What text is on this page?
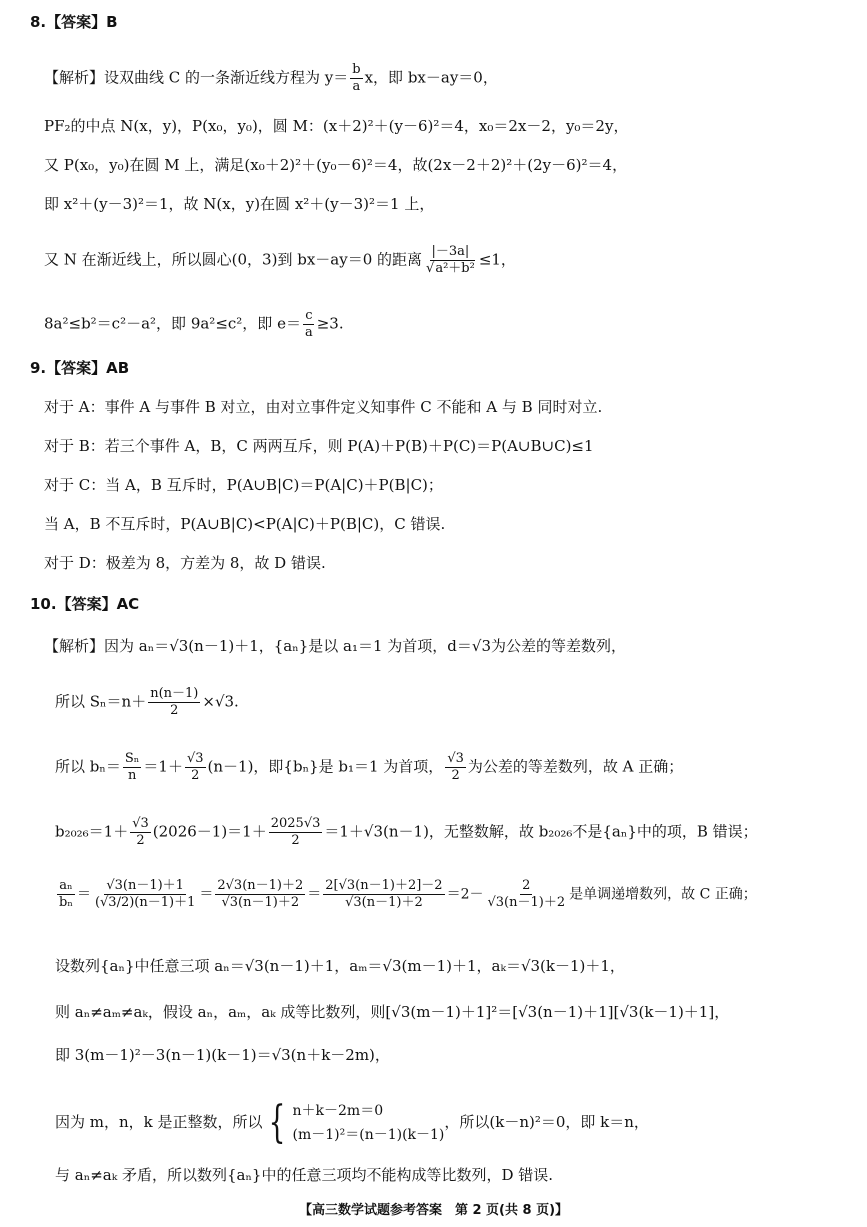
8.【答案】B
【解析】设双曲线 C 的一条渐近线方程为 $y= \frac{b}{a}$ x，即 bx－ay＝0，
PF₂的中点 N(x，y)，P(x₀，y₀)，圆 M：(x＋2)²＋(y－6)²＝4，x₀＝2x－2，y₀＝2y，
又 P(x₀，y₀)在圆 M 上，满足(x₀＋2)²＋(y₀－6)²＝4，故(2x－2＋2)²＋(2y－6)²＝4，
即 x²＋(y－3)²＝1，故 N(x，y)在圆 x²＋(y－3)²＝1 上，
又 N 在渐近线上，所以圆心(0，3)到 bx－ay＝0 的距离 $\frac{|-3a|}{\text{√a²＋b²}} \le 1$，
8a²≤b²＝c²－a²，即 9a²≤c²，即 $e= \frac{c}{a} \ge 3$.
9.【答案】AB
对于 A：事件 A 与事件 B 对立，由对立事件定义知事件 C 不能和 A 与 B 同时对立.
对于 B：若三个事件 A，B，C 两两互斥，则 P(A)＋P(B)＋P(C)＝P(A∪B∪C)≤1
对于 C：当 A，B 互斥时，P(A∪B|C)＝P(A|C)＋P(B|C)；
当 A，B 不互斥时，P(A∪B|C)<P(A|C)＋P(B|C)，C 错误.
对于 D：极差为 8，方差为 8，故 D 错误.
10.【答案】AC
【解析】因为 aₙ＝√3(n－1)＋1，{aₙ}是以 a₁＝1 为首项，d＝√3为公差的等差数列，
所以 $S_n=n+ \frac{n(n-1)}{2} \times√3$.
所以 $b_n= \frac{\text{Sₙ}}{n} =1+ \frac{√3}{2} (n-1)$，即{bₙ}是 b₁＝1 为首项， $\frac{√3}{2}$ 为公差的等差数列，故 A 正确；
$b_{2026}=1+ \frac{√3}{2} (2026-1)=1+ \frac{2025√3}{2} =1+√3(n-1)$，无整数解，故 b₂₀₂₆不是{aₙ}中的项，B 错误；
$\frac{\text{aₙ}}{\text{bₙ}} = \frac{√3(n-1)+1}{(√3/2)(n-1)+1} = \frac{2√3(n-1)+2}{√3(n-1)+2} = \frac{2[√3(n-1)+2]-2}{√3(n-1)+2} =2- \frac{2}{√3(n-1)+2}$ 是单调递增数列，故 C 正确；
设数列{aₙ}中任意三项 aₙ＝√3(n－1)＋1，aₘ＝√3(m－1)＋1，aₖ＝√3(k－1)＋1，
则 aₙ≠aₘ≠aₖ，假设 aₙ，aₘ，aₖ 成等比数列，则[√3(m－1)＋1]²＝[√3(n－1)＋1][√3(k－1)＋1]，
即 3(m－1)²－3(n－1)(k－1)＝√3(n＋k－2m)，
因为 m，n，k 是正整数，所以 { n＋k－2m＝0
(m－1)²＝(n－1)(k－1)
，所以(k－n)²＝0，即 k＝n，
与 aₙ≠aₖ 矛盾，所以数列{aₙ}中的任意三项均不能构成等比数列，D 错误.
【高三数学试题参考答案　第 2 页(共 8 页)】
